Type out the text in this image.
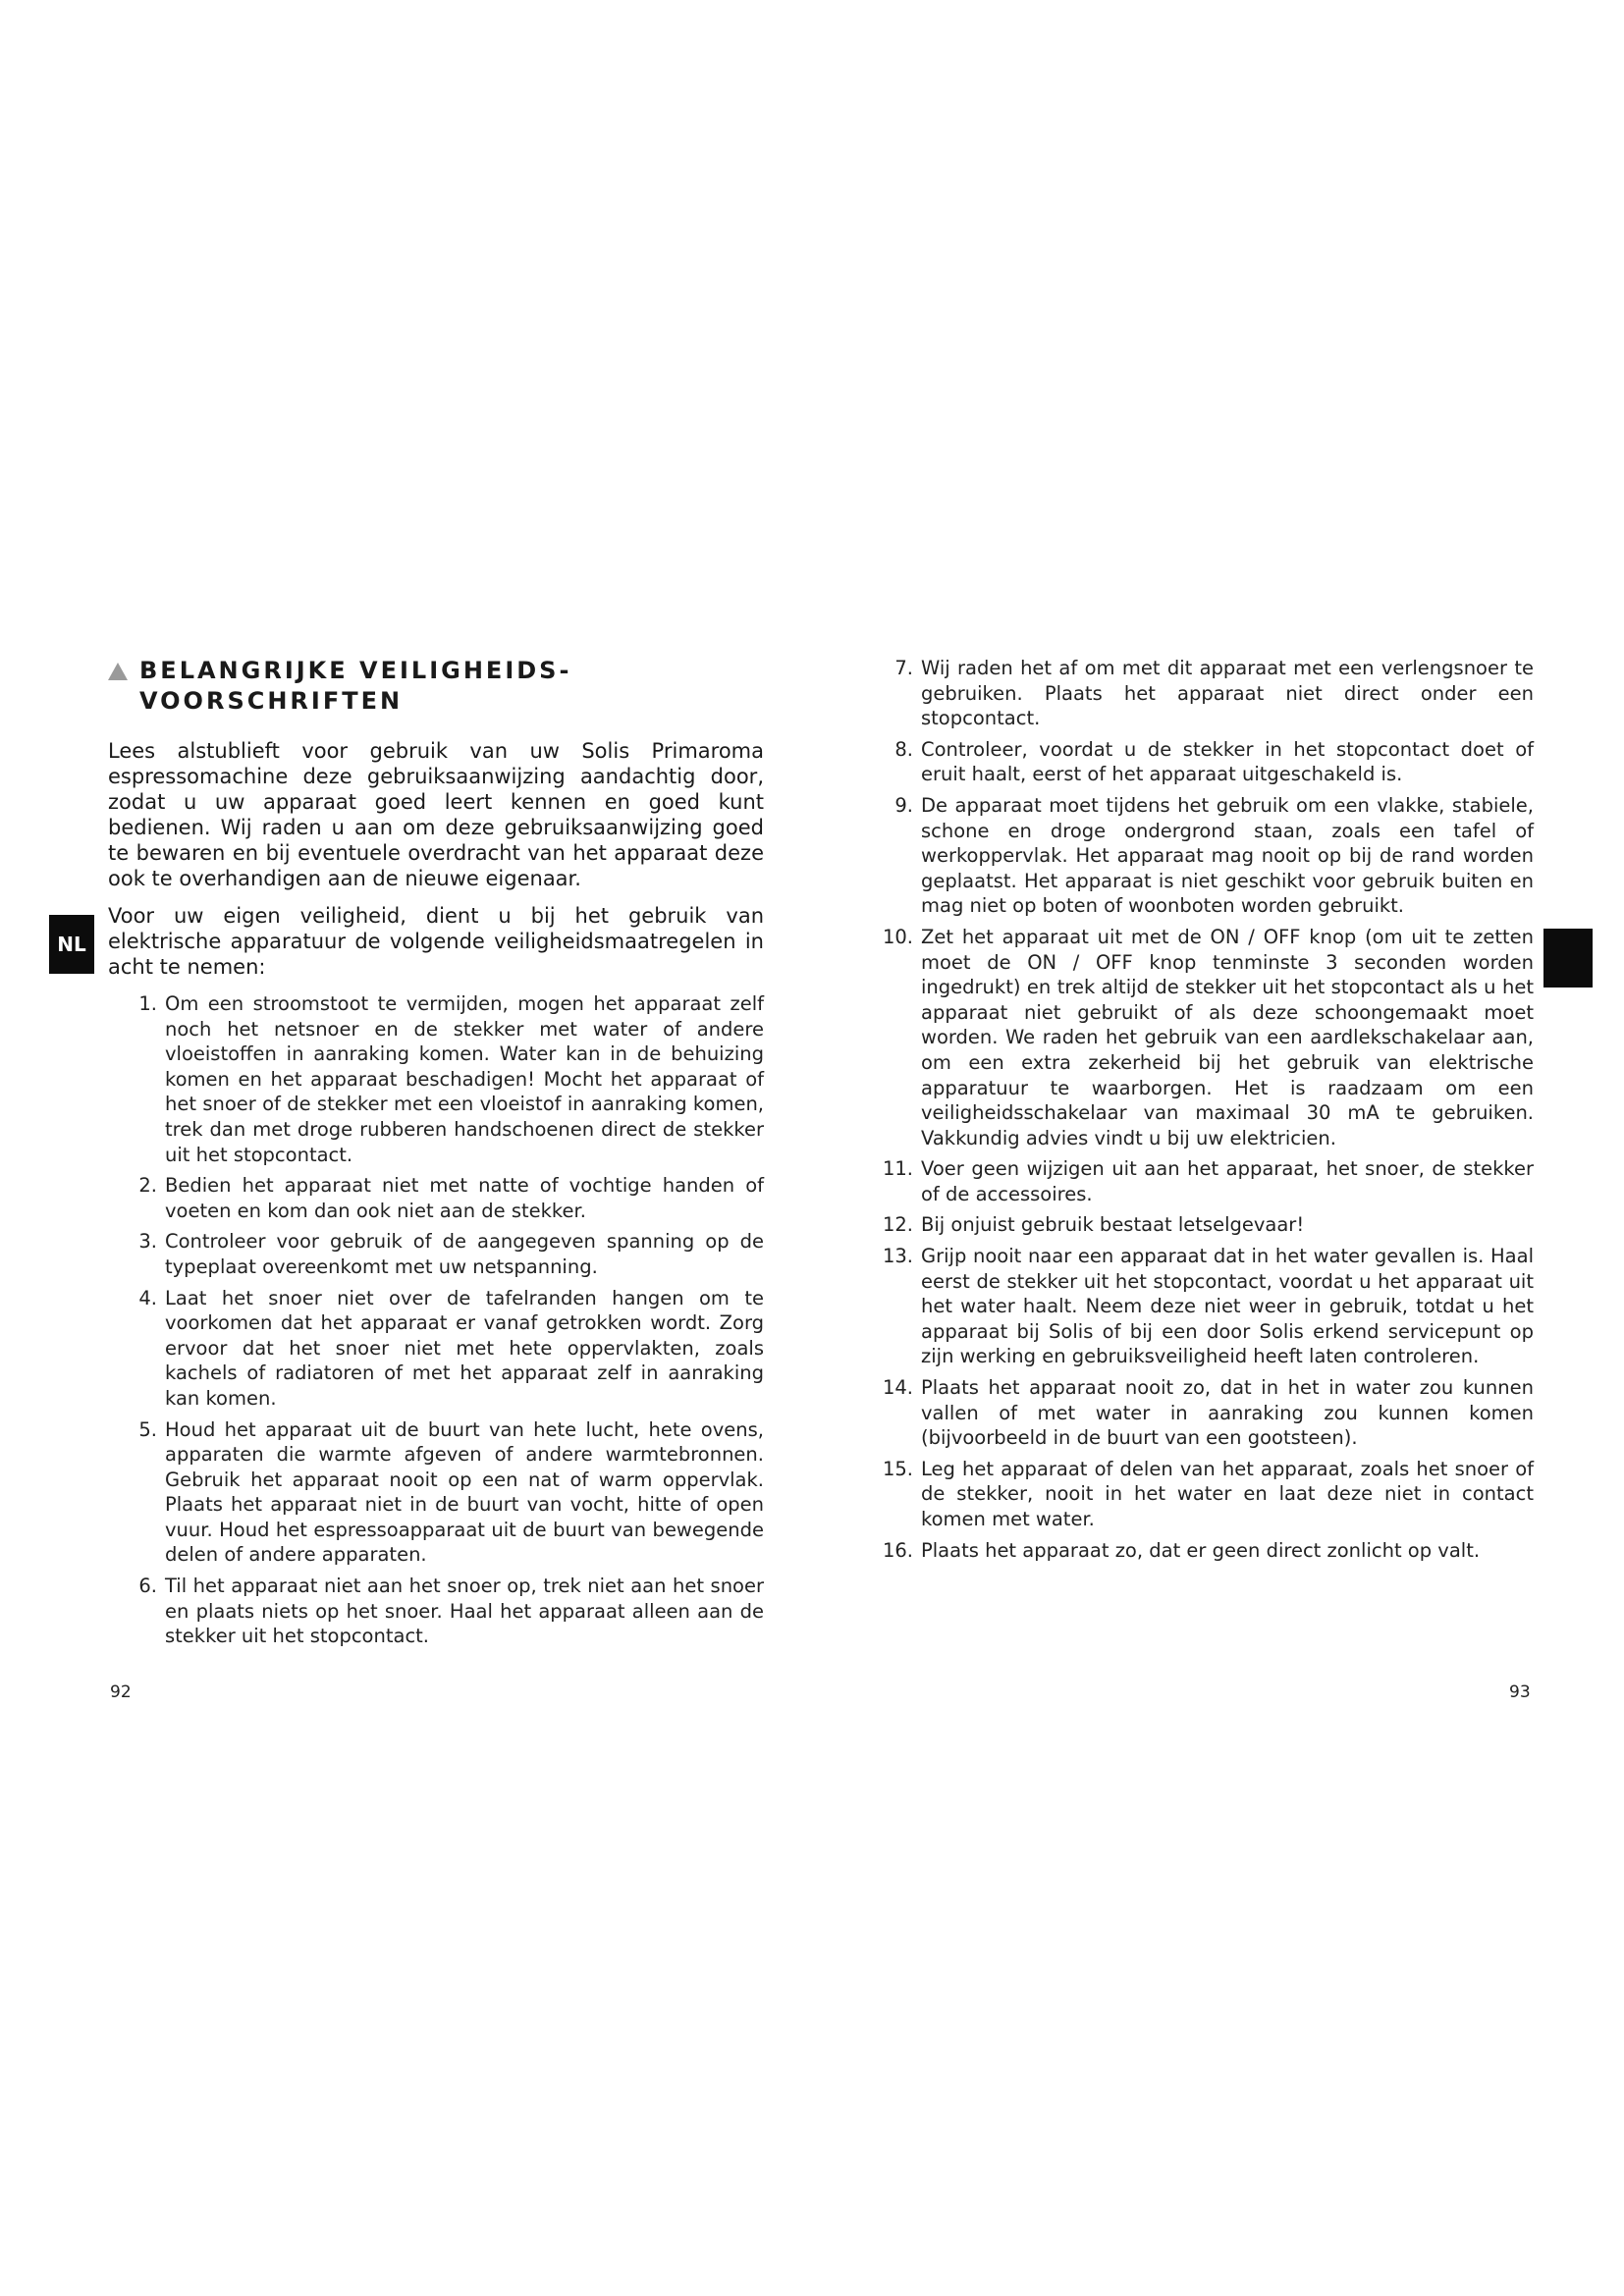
NL
BELANGRIJKE VEILIGHEIDS-
VOORSCHRIFTEN

Lees alstublieft voor gebruik van uw Solis Primaroma espressomachine deze gebruiksaanwijzing aandachtig door, zodat u uw apparaat goed leert kennen en goed kunt bedienen. Wij raden u aan om deze gebruiksaanwijzing goed te bewaren en bij eventuele overdracht van het apparaat deze ook te overhandigen aan de nieuwe eigenaar.

Voor uw eigen veiligheid, dient u bij het gebruik van elektrische apparatuur de volgende veiligheidsmaatregelen in acht te nemen:

1. Om een stroomstoot te vermijden, mogen het apparaat zelf noch het netsnoer en de stekker met water of andere vloeistoffen in aanraking komen. Water kan in de behuizing komen en het apparaat beschadigen! Mocht het apparaat of het snoer of de stekker met een vloeistof in aanraking komen, trek dan met droge rubberen handschoenen direct de stekker uit het stopcontact.
2. Bedien het apparaat niet met natte of vochtige handen of voeten en kom dan ook niet aan de stekker.
3. Controleer voor gebruik of de aangegeven spanning op de typeplaat overeenkomt met uw netspanning.
4. Laat het snoer niet over de tafelranden hangen om te voorkomen dat het apparaat er vanaf getrokken wordt. Zorg ervoor dat het snoer niet met hete oppervlakten, zoals kachels of radiatoren of met het apparaat zelf in aanraking kan komen.
5. Houd het apparaat uit de buurt van hete lucht, hete ovens, apparaten die warmte afgeven of andere warmtebronnen. Gebruik het apparaat nooit op een nat of warm oppervlak. Plaats het apparaat niet in de buurt van vocht, hitte of open vuur. Houd het espressoapparaat uit de buurt van bewegende delen of andere apparaten.
6. Til het apparaat niet aan het snoer op, trek niet aan het snoer en plaats niets op het snoer. Haal het apparaat alleen aan de stekker uit het stopcontact.
7. Wij raden het af om met dit apparaat met een verlengsnoer te gebruiken. Plaats het apparaat niet direct onder een stopcontact.
8. Controleer, voordat u de stekker in het stopcontact doet of eruit haalt, eerst of het apparaat uitgeschakeld is.
9. De apparaat moet tijdens het gebruik om een vlakke, stabiele, schone en droge ondergrond staan, zoals een tafel of werkoppervlak. Het apparaat mag nooit op bij de rand worden geplaatst. Het apparaat is niet geschikt voor gebruik buiten en mag niet op boten of woonboten worden gebruikt.
10. Zet het apparaat uit met de ON / OFF knop (om uit te zetten moet de ON / OFF knop tenminste 3 seconden worden ingedrukt) en trek altijd de stekker uit het stopcontact als u het apparaat niet gebruikt of als deze schoongemaakt moet worden. We raden het gebruik van een aardlekschakelaar aan, om een extra zekerheid bij het gebruik van elektrische apparatuur te waarborgen. Het is raadzaam om een veiligheidsschakelaar van maximaal 30 mA te gebruiken. Vakkundig advies vindt u bij uw elektricien.
11. Voer geen wijzigen uit aan het apparaat, het snoer, de stekker of de accessoires.
12. Bij onjuist gebruik bestaat letselgevaar!
13. Grijp nooit naar een apparaat dat in het water gevallen is. Haal eerst de stekker uit het stopcontact, voordat u het apparaat uit het water haalt. Neem deze niet weer in gebruik, totdat u het apparaat bij Solis of bij een door Solis erkend servicepunt op zijn werking en gebruiksveiligheid heeft laten controleren.
14. Plaats het apparaat nooit zo, dat in het in water zou kunnen vallen of met water in aanraking zou kunnen komen (bijvoorbeeld in de buurt van een gootsteen).
15. Leg het apparaat of delen van het apparaat, zoals het snoer of de stekker, nooit in het water en laat deze niet in contact komen met water.
16. Plaats het apparaat zo, dat er geen direct zonlicht op valt.
92	93
